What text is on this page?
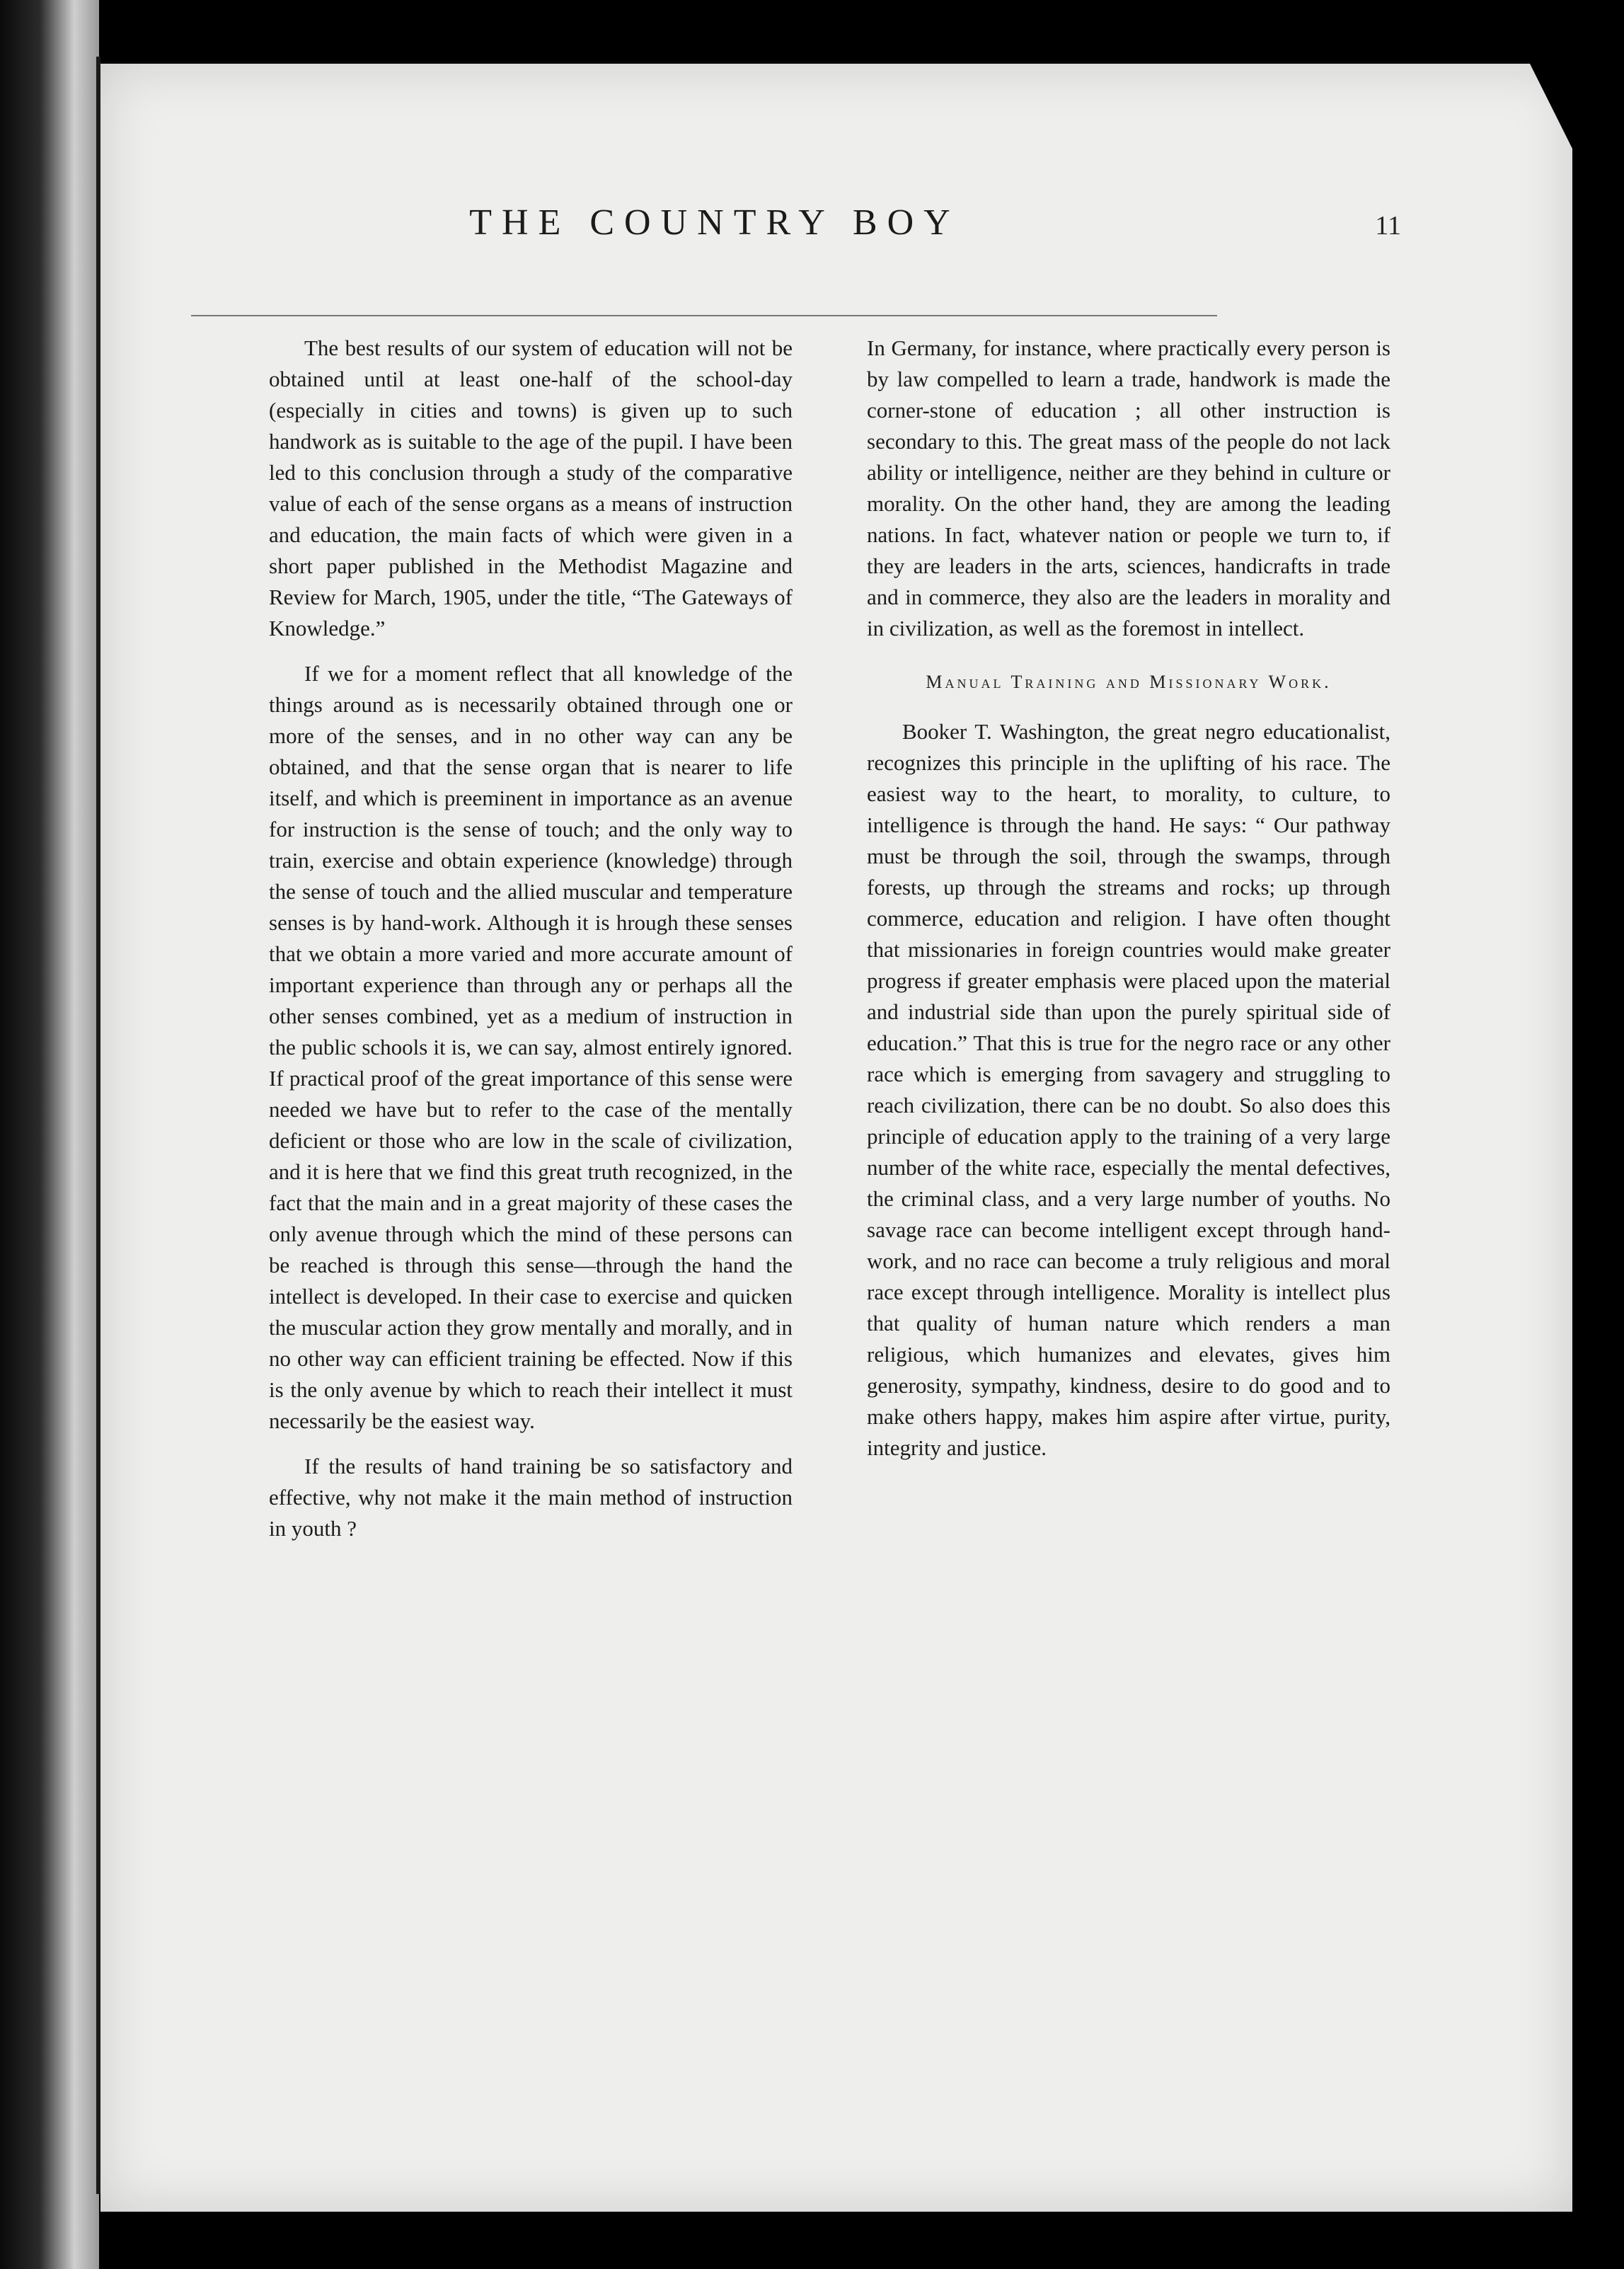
THE COUNTRY BOY	11

The best results of our system of education will not be obtained until at least one-half of the school-day (especially in cities and towns) is given up to such handwork as is suitable to the age of the pupil. I have been led to this conclusion through a study of the comparative value of each of the sense organs as a means of instruction and education, the main facts of which were given in a short paper published in the Methodist Magazine and Review for March, 1905, under the title, “The Gateways of Knowledge.”

If we for a moment reflect that all knowledge of the things around as is necessarily obtained through one or more of the senses, and in no other way can any be obtained, and that the sense organ that is nearer to life itself, and which is preeminent in importance as an avenue for instruction is the sense of touch; and the only way to train, exercise and obtain experience (knowledge) through the sense of touch and the allied muscular and temperature senses is by hand-work. Although it is hrough these senses that we obtain a more varied and more accurate amount of important experience than through any or perhaps all the other senses combined, yet as a medium of instruction in the public schools it is, we can say, almost entirely ignored. If practical proof of the great importance of this sense were needed we have but to refer to the case of the mentally deficient or those who are low in the scale of civilization, and it is here that we find this great truth recognized, in the fact that the main and in a great majority of these cases the only avenue through which the mind of these persons can be reached is through this sense—through the hand the intellect is developed. In their case to exercise and quicken the muscular action they grow mentally and morally, and in no other way can efficient training be effected. Now if this is the only avenue by which to reach their intellect it must necessarily be the easiest way.

If the results of hand training be so satisfactory and effective, why not make it the main method of instruction in youth ?

In Germany, for instance, where practically every person is by law compelled to learn a trade, handwork is made the corner-stone of education ; all other instruction is secondary to this. The great mass of the people do not lack ability or intelligence, neither are they behind in culture or morality. On the other hand, they are among the leading nations. In fact, whatever nation or people we turn to, if they are leaders in the arts, sciences, handicrafts in trade and in commerce, they also are the leaders in morality and in civilization, as well as the foremost in intellect.

Manual Training and Missionary Work.

Booker T. Washington, the great negro educationalist, recognizes this principle in the uplifting of his race. The easiest way to the heart, to morality, to culture, to intelligence is through the hand. He says: “ Our pathway must be through the soil, through the swamps, through forests, up through the streams and rocks; up through commerce, education and religion. I have often thought that missionaries in foreign countries would make greater progress if greater emphasis were placed upon the material and industrial side than upon the purely spiritual side of education.” That this is true for the negro race or any other race which is emerging from savagery and struggling to reach civilization, there can be no doubt. So also does this principle of education apply to the training of a very large number of the white race, especially the mental defectives, the criminal class, and a very large number of youths. No savage race can become intelligent except through hand-work, and no race can become a truly religious and moral race except through intelligence. Morality is intellect plus that quality of human nature which renders a man religious, which humanizes and elevates, gives him generosity, sympathy, kindness, desire to do good and to make others happy, makes him aspire after virtue, purity, integrity and justice.
